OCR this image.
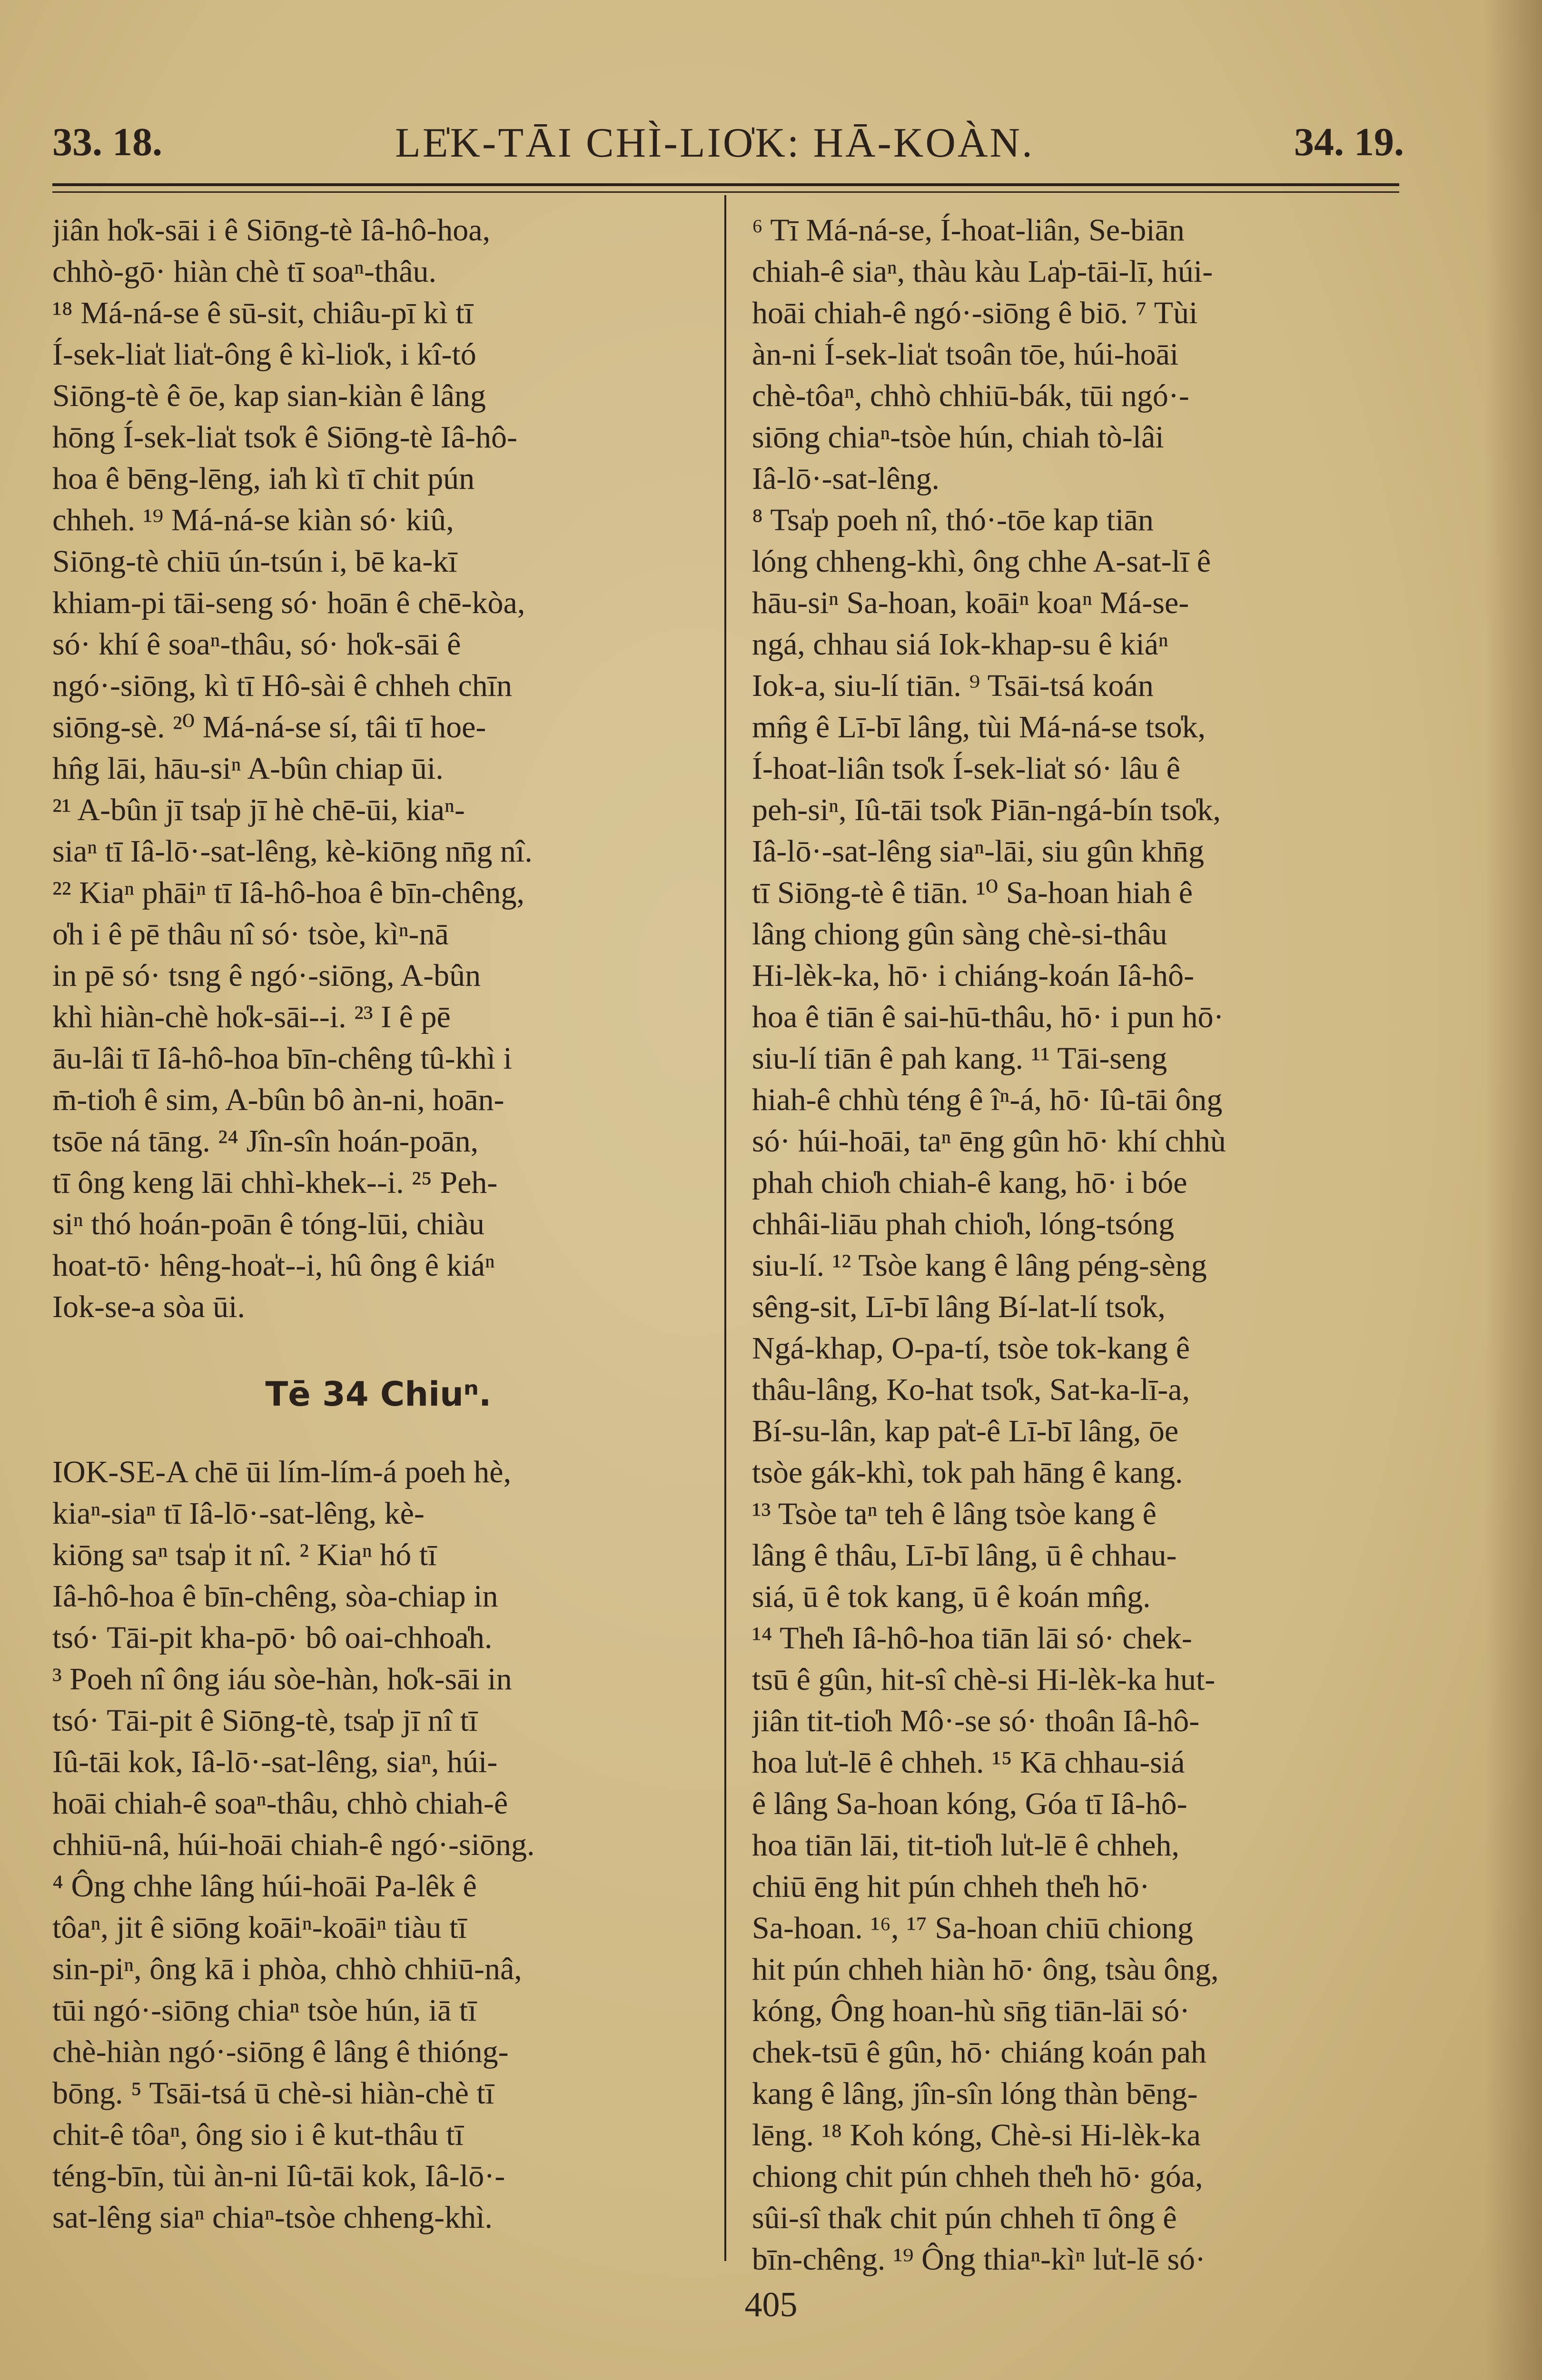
33. 18.	LE̍K-TĀI CHÌ-LIO̍K: HĀ-KOÀN.	34. 19.
jiân ho̍k-sāi i ê Siōng-tè Iâ-hô-hoa,
chhò-gō· hiàn chè tī soaⁿ-thâu.
¹⁸ Má-ná-se ê sū-sit, chiâu-pī kì tī
Í-sek-lia̍t lia̍t-ông ê kì-lio̍k, i kî-tó
Siōng-tè ê ōe, kap sian-kiàn ê lâng
hōng Í-sek-lia̍t tso̍k ê Siōng-tè Iâ-hô-
hoa ê bēng-lēng, ia̍h kì tī chit pún
chheh. ¹⁹ Má-ná-se kiàn só· kiû,
Siōng-tè chiū ún-tsún i, bē ka-kī
khiam-pi tāi-seng só· hoān ê chē-kòa,
só· khí ê soaⁿ-thâu, só· ho̍k-sāi ê
ngó·-siōng, kì tī Hô-sài ê chheh chīn
siōng-sè. ²⁰ Má-ná-se sí, tâi tī hoe-
hn̂g lāi, hāu-siⁿ A-bûn chiap ūi.
²¹ A-bûn jī tsa̍p jī hè chē-ūi, kiaⁿ-
siaⁿ tī Iâ-lō·-sat-lêng, kè-kiōng nn̄g nî.
²² Kiaⁿ phāiⁿ tī Iâ-hô-hoa ê bīn-chêng,
o̍h i ê pē thâu nî só· tsòe, kìⁿ-nā
in pē só· tsng ê ngó·-siōng, A-bûn
khì hiàn-chè ho̍k-sāi--i. ²³ I ê pē
āu-lâi tī Iâ-hô-hoa bīn-chêng tû-khì i
m̄-tio̍h ê sim, A-bûn bô àn-ni, hoān-
tsōe ná tāng. ²⁴ Jîn-sîn hoán-poān,
tī ông keng lāi chhì-khek--i. ²⁵ Peh-
siⁿ thó hoán-poān ê tóng-lūi, chiàu
hoat-tō· hêng-hoa̍t--i, hû ông ê kiáⁿ
Iok-se-a sòa ūi.
Tē 34 Chiuⁿ.
IOK-SE-A chē ūi lím-lím-á poeh hè,
kiaⁿ-siaⁿ tī Iâ-lō·-sat-lêng, kè-
kiōng saⁿ tsa̍p it nî. ² Kiaⁿ hó tī
Iâ-hô-hoa ê bīn-chêng, sòa-chiap in
tsó· Tāi-pit kha-pō· bô oai-chhoa̍h.
³ Poeh nî ông iáu sòe-hàn, ho̍k-sāi in
tsó· Tāi-pit ê Siōng-tè, tsa̍p jī nî tī
Iû-tāi kok, Iâ-lō·-sat-lêng, siaⁿ, húi-
hoāi chiah-ê soaⁿ-thâu, chhò chiah-ê
chhiū-nâ, húi-hoāi chiah-ê ngó·-siōng.
⁴ Ông chhe lâng húi-hoāi Pa-lêk ê
tôaⁿ, jit ê siōng koāiⁿ-koāiⁿ tiàu tī
sin-piⁿ, ông kā i phòa, chhò chhiū-nâ,
tūi ngó·-siōng chiaⁿ tsòe hún, iā tī
chè-hiàn ngó·-siōng ê lâng ê thióng-
bōng. ⁵ Tsāi-tsá ū chè-si hiàn-chè tī
chit-ê tôaⁿ, ông sio i ê kut-thâu tī
téng-bīn, tùi àn-ni Iû-tāi kok, Iâ-lō·-
sat-lêng siaⁿ chiaⁿ-tsòe chheng-khì.
⁶ Tī Má-ná-se, Í-hoat-liân, Se-biān
chiah-ê siaⁿ, thàu kàu La̍p-tāi-lī, húi-
hoāi chiah-ê ngó·-siōng ê biō. ⁷ Tùi
àn-ni Í-sek-lia̍t tsoân tōe, húi-hoāi
chè-tôaⁿ, chhò chhiū-bák, tūi ngó·-
siōng chiaⁿ-tsòe hún, chiah tò-lâi
Iâ-lō·-sat-lêng.
⁸ Tsa̍p poeh nî, thó·-tōe kap tiān
lóng chheng-khì, ông chhe A-sat-lī ê
hāu-siⁿ Sa-hoan, koāiⁿ koaⁿ Má-se-
ngá, chhau siá Iok-khap-su ê kiáⁿ
Iok-a, siu-lí tiān. ⁹ Tsāi-tsá koán
mn̂g ê Lī-bī lâng, tùi Má-ná-se tso̍k,
Í-hoat-liân tso̍k Í-sek-lia̍t só· lâu ê
peh-siⁿ, Iû-tāi tso̍k Piān-ngá-bín tso̍k,
Iâ-lō·-sat-lêng siaⁿ-lāi, siu gûn khn̄g
tī Siōng-tè ê tiān. ¹⁰ Sa-hoan hiah ê
lâng chiong gûn sàng chè-si-thâu
Hi-lèk-ka, hō· i chiáng-koán Iâ-hô-
hoa ê tiān ê sai-hū-thâu, hō· i pun hō·
siu-lí tiān ê pah kang. ¹¹ Tāi-seng
hiah-ê chhù téng ê îⁿ-á, hō· Iû-tāi ông
só· húi-hoāi, taⁿ ēng gûn hō· khí chhù
phah chio̍h chiah-ê kang, hō· i bóe
chhâi-liāu phah chio̍h, lóng-tsóng
siu-lí. ¹² Tsòe kang ê lâng péng-sèng
sêng-sit, Lī-bī lâng Bí-lat-lí tso̍k,
Ngá-khap, O-pa-tí, tsòe tok-kang ê
thâu-lâng, Ko-hat tso̍k, Sat-ka-lī-a,
Bí-su-lân, kap pa̍t-ê Lī-bī lâng, ōe
tsòe gák-khì, tok pah hāng ê kang.
¹³ Tsòe taⁿ teh ê lâng tsòe kang ê
lâng ê thâu, Lī-bī lâng, ū ê chhau-
siá, ū ê tok kang, ū ê koán mn̂g.
¹⁴ The̍h Iâ-hô-hoa tiān lāi só· chek-
tsū ê gûn, hit-sî chè-si Hi-lèk-ka hut-
jiân tit-tio̍h Mô·-se só· thoân Iâ-hô-
hoa lu̍t-lē ê chheh. ¹⁵ Kā chhau-siá
ê lâng Sa-hoan kóng, Góa tī Iâ-hô-
hoa tiān lāi, tit-tio̍h lu̍t-lē ê chheh,
chiū ēng hit pún chheh the̍h hō·
Sa-hoan. ¹⁶, ¹⁷ Sa-hoan chiū chiong
hit pún chheh hiàn hō· ông, tsàu ông,
kóng, Ông hoan-hù sn̄g tiān-lāi só·
chek-tsū ê gûn, hō· chiáng koán pah
kang ê lâng, jîn-sîn lóng thàn bēng-
lēng. ¹⁸ Koh kóng, Chè-si Hi-lèk-ka
chiong chit pún chheh the̍h hō· góa,
sûi-sî tha̍k chit pún chheh tī ông ê
bīn-chêng. ¹⁹ Ông thiaⁿ-kìⁿ lu̍t-lē só·
405
